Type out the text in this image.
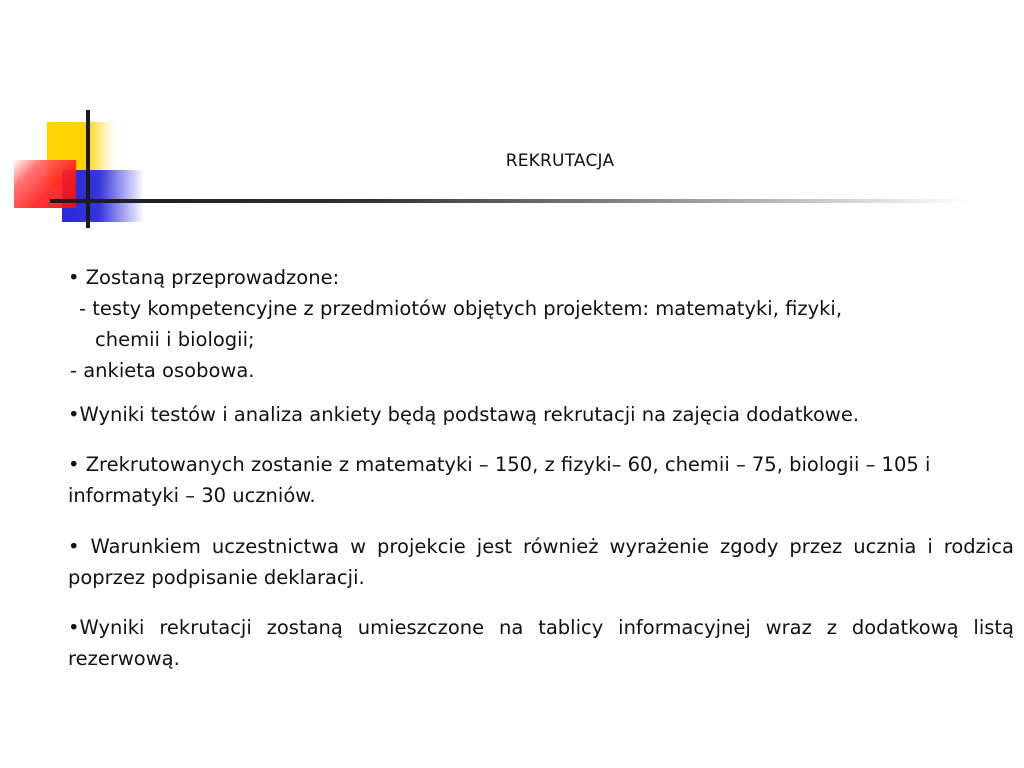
REKRUTACJA

• Zostaną przeprowadzone:

- testy kompetencyjne z przedmiotów objętych projektem: matematyki, fizyki,

chemii i biologii;

- ankieta osobowa.

•Wyniki testów i analiza ankiety będą podstawą rekrutacji na zajęcia dodatkowe.

• Zrekrutowanych zostanie z matematyki – 150, z fizyki– 60, chemii – 75, biologii – 105 i informatyki – 30 uczniów.

• Warunkiem uczestnictwa w projekcie jest również wyrażenie zgody przez ucznia i rodzica poprzez podpisanie deklaracji.

•Wyniki rekrutacji zostaną umieszczone na tablicy informacyjnej wraz z dodatkową listą rezerwową.
